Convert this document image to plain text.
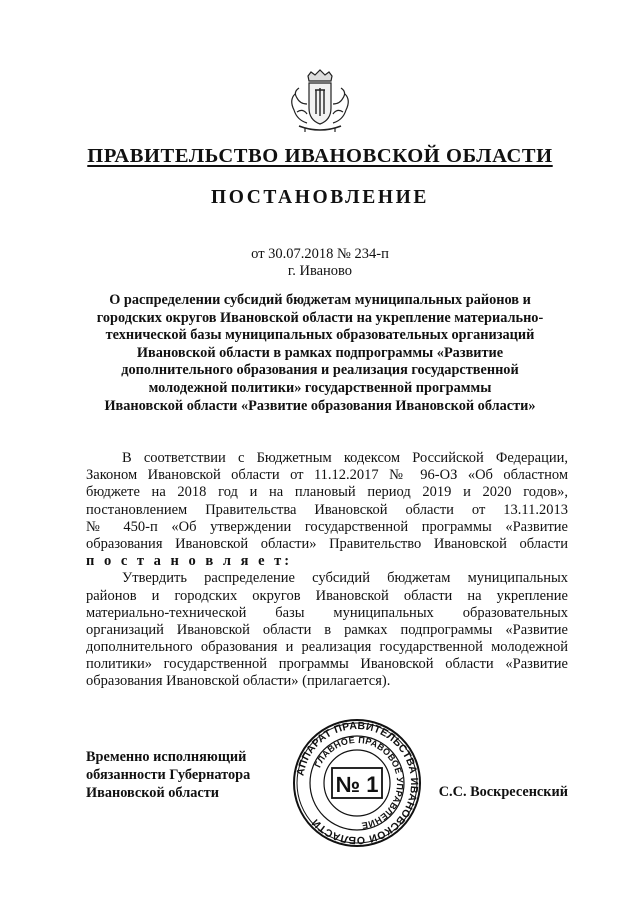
ПРАВИТЕЛЬСТВО ИВАНОВСКОЙ ОБЛАСТИ
ПОСТАНОВЛЕНИЕ
от 30.07.2018 № 234-п
г. Иваново
О распределении субсидий бюджетам муниципальных районов и
городских округов Ивановской области на укрепление материально-
технической базы муниципальных образовательных организаций
Ивановской области в рамках подпрограммы «Развитие
дополнительного образования и реализация государственной
молодежной политики» государственной программы
Ивановской области «Развитие образования Ивановской области»
В соответствии с Бюджетным кодексом Российской Федерации,
Законом Ивановской области от 11.12.2017 № 96-ОЗ «Об областном
бюджете на 2018 год и на плановый период 2019 и 2020 годов»,
постановлением Правительства Ивановской области от 13.11.2013
№ 450-п «Об утверждении государственной программы «Развитие
образования Ивановской области» Правительство Ивановской области
п о с т а н о в л я е т:
Утвердить распределение субсидий бюджетам муниципальных
районов и городских округов Ивановской области на укрепление
материально-технической базы муниципальных образовательных
организаций Ивановской области в рамках подпрограммы «Развитие
дополнительного образования и реализация государственной молодежной
политики» государственной программы Ивановской области «Развитие
образования Ивановской области» (прилагается).
Временно исполняющий
обязанности Губернатора
Ивановской области
АППАРАТ ПРАВИТЕЛЬСТВА ИВАНОВСКОЙ ОБЛАСТИ
ГЛАВНОЕ ПРАВОВОЕ УПРАВЛЕНИЕ
№ 1	С.С. Воскресенский
